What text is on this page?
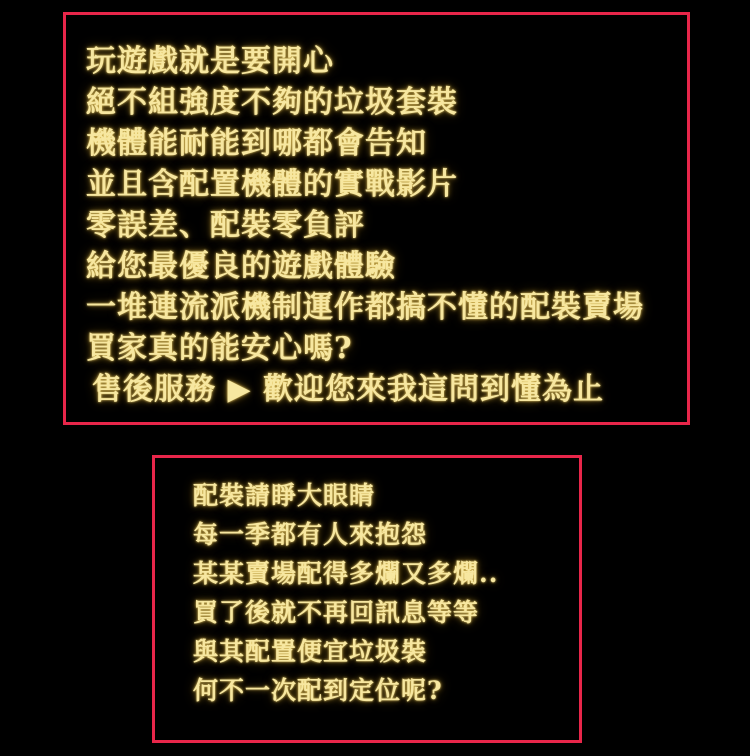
玩遊戲就是要開心
絕不組強度不夠的垃圾套裝
機體能耐能到哪都會告知
並且含配置機體的實戰影片
零誤差、配裝零負評
給您最優良的遊戲體驗
一堆連流派機制運作都搞不懂的配裝賣場
買家真的能安心嗎?
售後服務 ▶ 歡迎您來我這問到懂為止
配裝請睜大眼睛
每一季都有人來抱怨
某某賣場配得多爛又多爛..
買了後就不再回訊息等等
與其配置便宜垃圾裝
何不一次配到定位呢?
